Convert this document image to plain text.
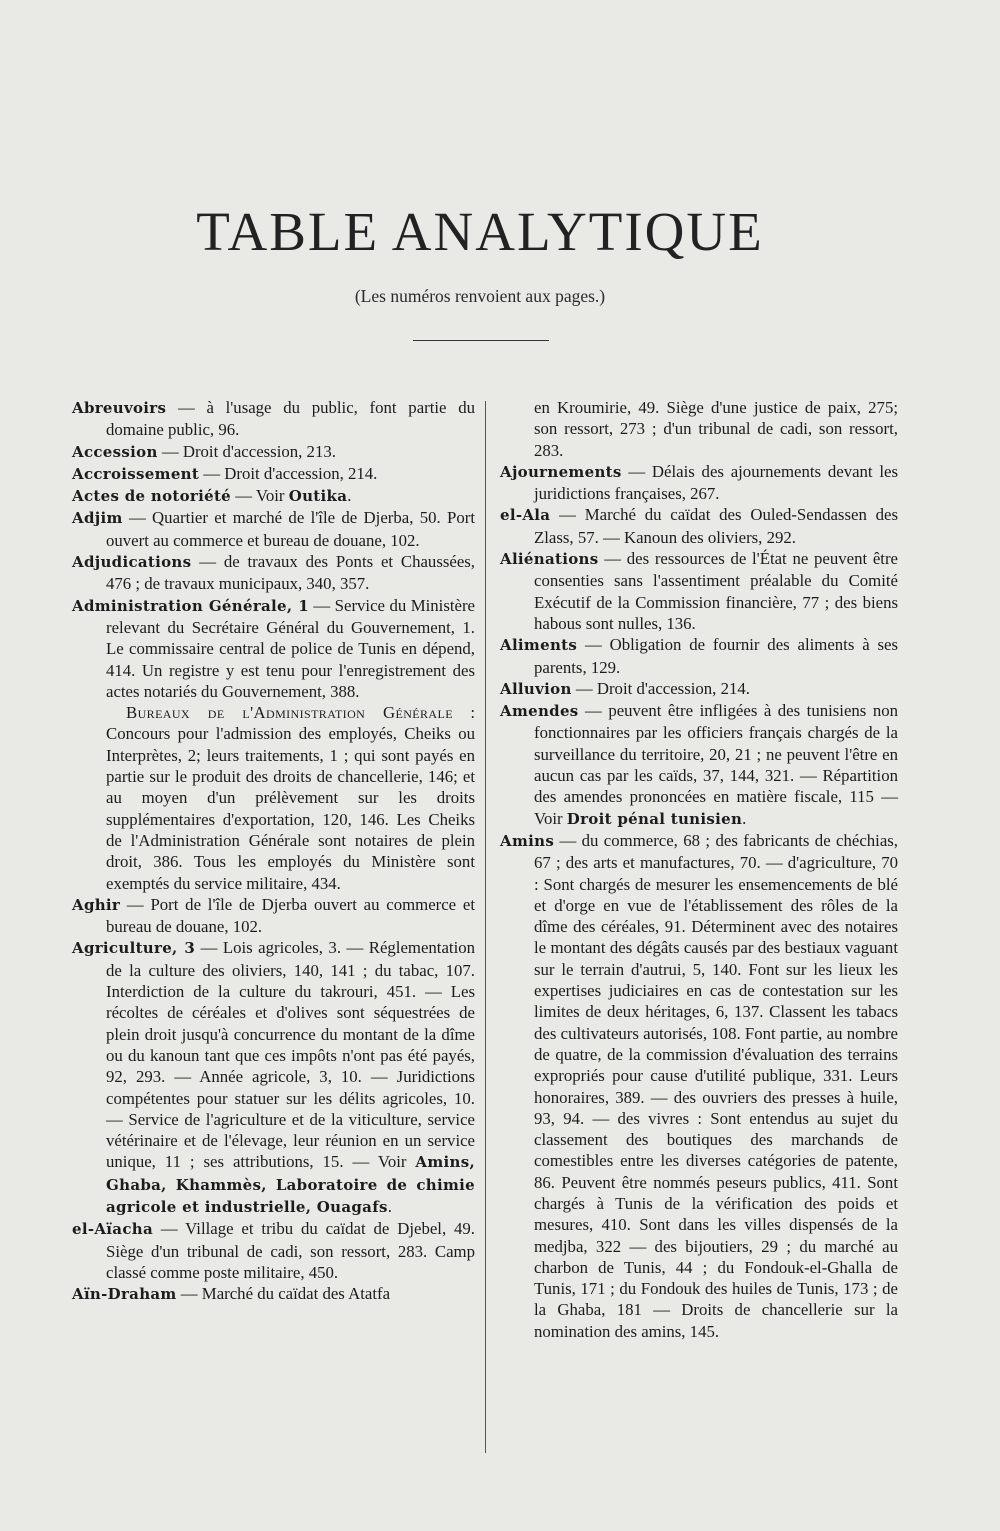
TABLE ANALYTIQUE

(Les numéros renvoient aux pages.)

Abreuvoirs — à l'usage du public, font partie du domaine public, 96.

Accession — Droit d'accession, 213.

Accroissement — Droit d'accession, 214.

Actes de notoriété — Voir Outika.

Adjim — Quartier et marché de l'île de Djerba, 50. Port ouvert au commerce et bureau de douane, 102.

Adjudications — de travaux des Ponts et Chaussées, 476 ; de travaux municipaux, 340, 357.

Administration Générale, 1 — Service du Ministère relevant du Secrétaire Général du Gouvernement, 1. Le commissaire central de police de Tunis en dépend, 414. Un registre y est tenu pour l'enregistrement des actes notariés du Gouvernement, 388.

Bureaux de l'Administration Générale : Concours pour l'admission des employés, Cheiks ou Interprètes, 2; leurs traitements, 1 ; qui sont payés en partie sur le produit des droits de chancellerie, 146; et au moyen d'un prélèvement sur les droits supplémentaires d'exportation, 120, 146. Les Cheiks de l'Administration Générale sont notaires de plein droit, 386. Tous les employés du Ministère sont exemptés du service militaire, 434.

Aghir — Port de l'île de Djerba ouvert au commerce et bureau de douane, 102.

Agriculture, 3 — Lois agricoles, 3. — Réglementation de la culture des oliviers, 140, 141 ; du tabac, 107. Interdiction de la culture du takrouri, 451. — Les récoltes de céréales et d'olives sont séquestrées de plein droit jusqu'à concurrence du montant de la dîme ou du kanoun tant que ces impôts n'ont pas été payés, 92, 293. — Année agricole, 3, 10. — Juridictions compétentes pour statuer sur les délits agricoles, 10. — Service de l'agriculture et de la viticulture, service vétérinaire et de l'élevage, leur réunion en un service unique, 11 ; ses attributions, 15. — Voir Amins, Ghaba, Khammès, Laboratoire de chimie agricole et industrielle, Ouagafs.

el-Aïacha — Village et tribu du caïdat de Djebel, 49. Siège d'un tribunal de cadi, son ressort, 283. Camp classé comme poste militaire, 450.

Aïn-Draham — Marché du caïdat des Atatfa

en Kroumirie, 49. Siège d'une justice de paix, 275; son ressort, 273 ; d'un tribunal de cadi, son ressort, 283.

Ajournements — Délais des ajournements devant les juridictions françaises, 267.

el-Ala — Marché du caïdat des Ouled-Sendassen des Zlass, 57. — Kanoun des oliviers, 292.

Aliénations — des ressources de l'État ne peuvent être consenties sans l'assentiment préalable du Comité Exécutif de la Commission financière, 77 ; des biens habous sont nulles, 136.

Aliments — Obligation de fournir des aliments à ses parents, 129.

Alluvion — Droit d'accession, 214.

Amendes — peuvent être infligées à des tunisiens non fonctionnaires par les officiers français chargés de la surveillance du territoire, 20, 21 ; ne peuvent l'être en aucun cas par les caïds, 37, 144, 321. — Répartition des amendes prononcées en matière fiscale, 115 — Voir Droit pénal tunisien.

Amins — du commerce, 68 ; des fabricants de chéchias, 67 ; des arts et manufactures, 70. — d'agriculture, 70 : Sont chargés de mesurer les ensemencements de blé et d'orge en vue de l'établissement des rôles de la dîme des céréales, 91. Déterminent avec des notaires le montant des dégâts causés par des bestiaux vaguant sur le terrain d'autrui, 5, 140. Font sur les lieux les expertises judiciaires en cas de contestation sur les limites de deux héritages, 6, 137. Classent les tabacs des cultivateurs autorisés, 108. Font partie, au nombre de quatre, de la commission d'évaluation des terrains expropriés pour cause d'utilité publique, 331. Leurs honoraires, 389. — des ouvriers des presses à huile, 93, 94. — des vivres : Sont entendus au sujet du classement des boutiques des marchands de comestibles entre les diverses catégories de patente, 86. Peuvent être nommés peseurs publics, 411. Sont chargés à Tunis de la vérification des poids et mesures, 410. Sont dans les villes dispensés de la medjba, 322 — des bijoutiers, 29 ; du marché au charbon de Tunis, 44 ; du Fondouk-el-Ghalla de Tunis, 171 ; du Fondouk des huiles de Tunis, 173 ; de la Ghaba, 181 — Droits de chancellerie sur la nomination des amins, 145.
